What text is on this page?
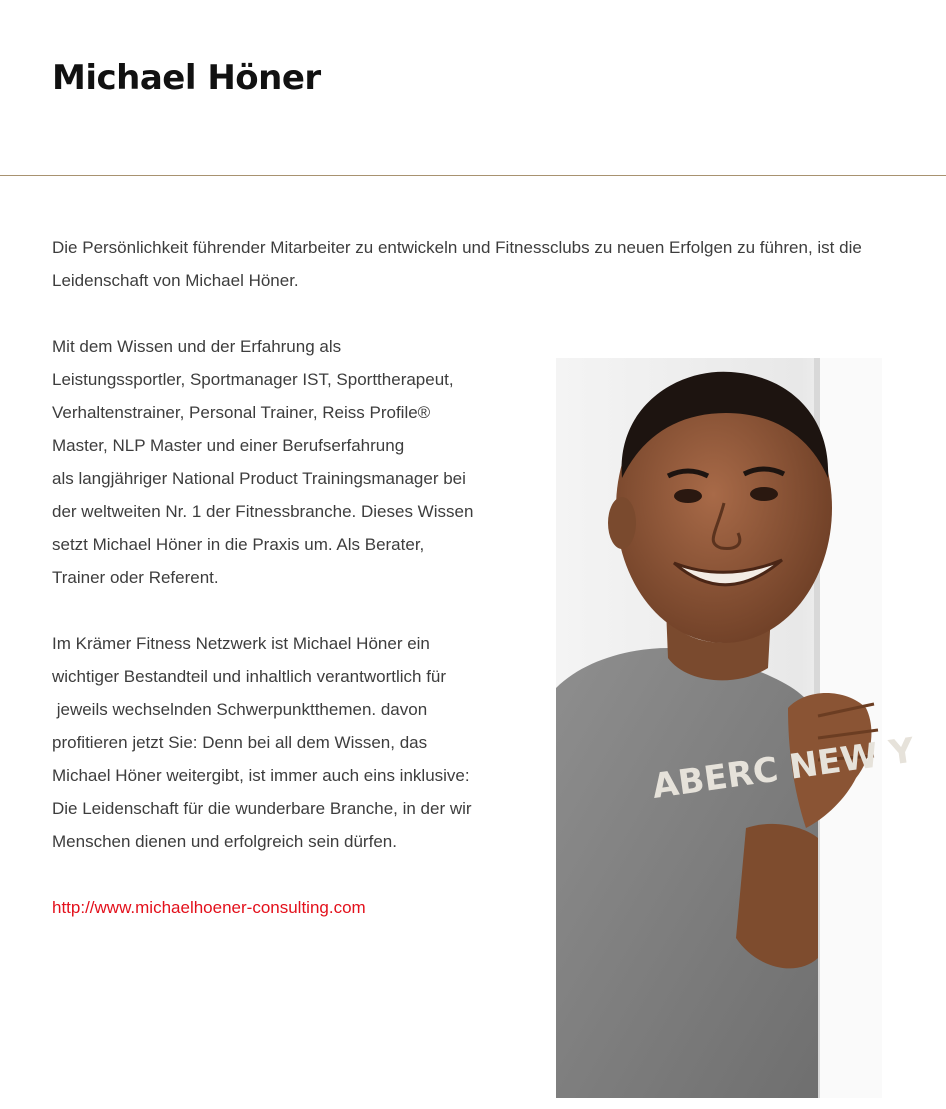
Michael Höner

Die Persönlichkeit führender Mitarbeiter zu entwickeln und Fitnessclubs zu neuen Erfolgen zu führen, ist die Leidenschaft von Michael Höner.

ABERC NEW Y

Mit dem Wissen und der Erfahrung als
Leistungssportler, Sportmanager IST, Sporttherapeut,
Verhaltenstrainer, Personal Trainer, Reiss Profile®
Master, NLP Master und einer Berufserfahrung
als langjähriger National Product Trainingsmanager bei
der weltweiten Nr. 1 der Fitnessbranche. Dieses Wissen
setzt Michael Höner in die Praxis um. Als Berater,
Trainer oder Referent.

Im Krämer Fitness Netzwerk ist Michael Höner ein
wichtiger Bestandteil und inhaltlich verantwortlich für
jeweils wechselnden Schwerpunktthemen. davon
profitieren jetzt Sie: Denn bei all dem Wissen, das
Michael Höner weitergibt, ist immer auch eins inklusive:
Die Leidenschaft für die wunderbare Branche, in der wir
Menschen dienen und erfolgreich sein dürfen.

http://www.michaelhoener-consulting.com
